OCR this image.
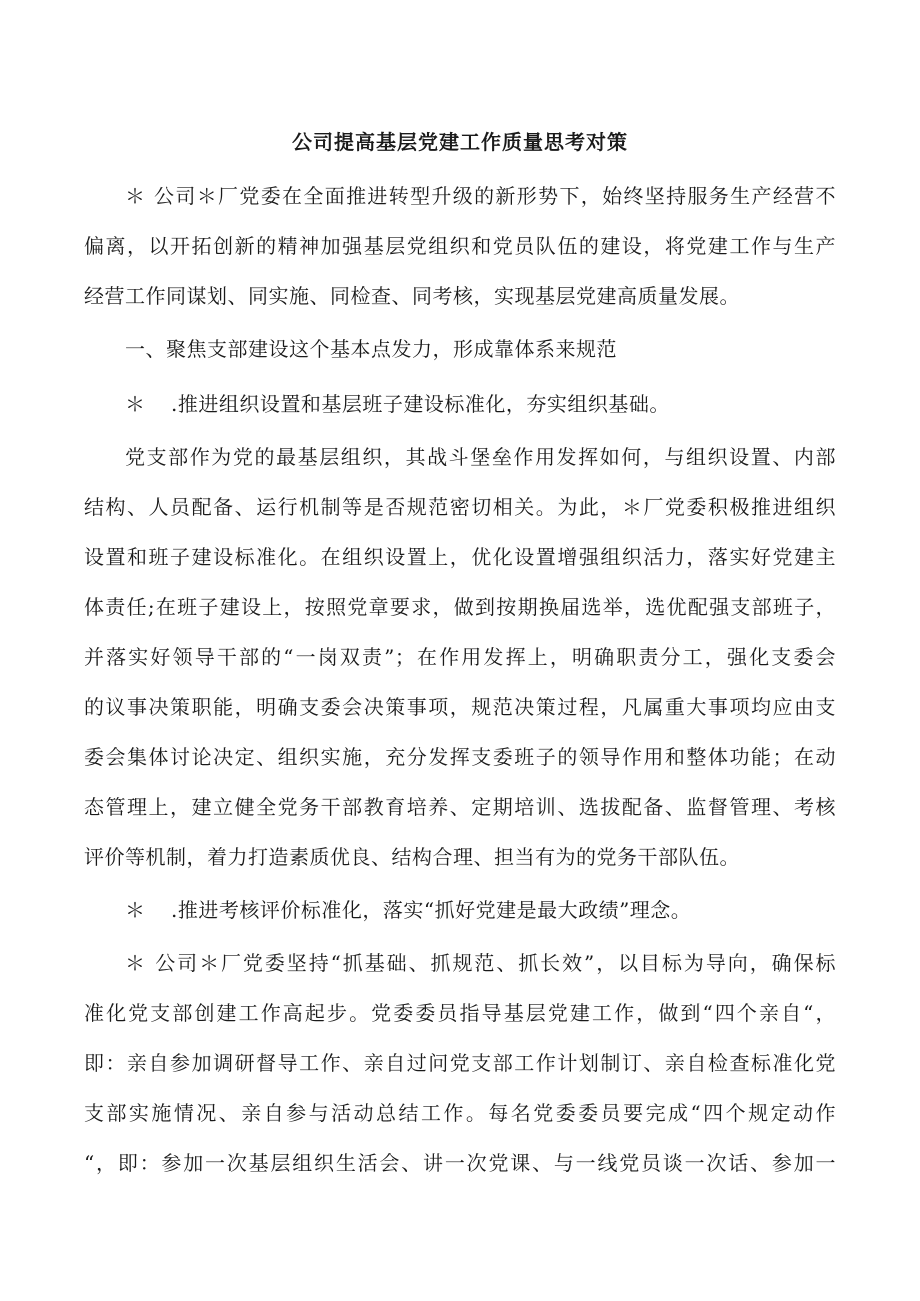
公司提高基层党建工作质量思考对策
＊ 公司＊厂党委在全面推进转型升级的新形势下，始终坚持服务生产经营不
偏离，以开拓创新的精神加强基层党组织和党员队伍的建设，将党建工作与生产
经营工作同谋划、同实施、同检查、同考核，实现基层党建高质量发展。
一、聚焦支部建设这个基本点发力，形成靠体系来规范
＊ .推进组织设置和基层班子建设标准化，夯实组织基础。
党支部作为党的最基层组织，其战斗堡垒作用发挥如何，与组织设置、内部
结构、人员配备、运行机制等是否规范密切相关。为此，＊厂党委积极推进组织
设置和班子建设标准化。在组织设置上，优化设置增强组织活力，落实好党建主
体责任;在班子建设上，按照党章要求，做到按期换届选举，选优配强支部班子，
并落实好领导干部的“一岗双责”；在作用发挥上，明确职责分工，强化支委会
的议事决策职能，明确支委会决策事项，规范决策过程，凡属重大事项均应由支
委会集体讨论决定、组织实施，充分发挥支委班子的领导作用和整体功能；在动
态管理上，建立健全党务干部教育培养、定期培训、选拔配备、监督管理、考核
评价等机制，着力打造素质优良、结构合理、担当有为的党务干部队伍。
＊ .推进考核评价标准化，落实“抓好党建是最大政绩”理念。
＊ 公司＊厂党委坚持“抓基础、抓规范、抓长效”，以目标为导向，确保标
准化党支部创建工作高起步。党委委员指导基层党建工作，做到“四个亲自“，
即：亲自参加调研督导工作、亲自过问党支部工作计划制订、亲自检查标准化党
支部实施情况、亲自参与活动总结工作。每名党委委员要完成“四个规定动作
“，即：参加一次基层组织生活会、讲一次党课、与一线党员谈一次话、参加一
